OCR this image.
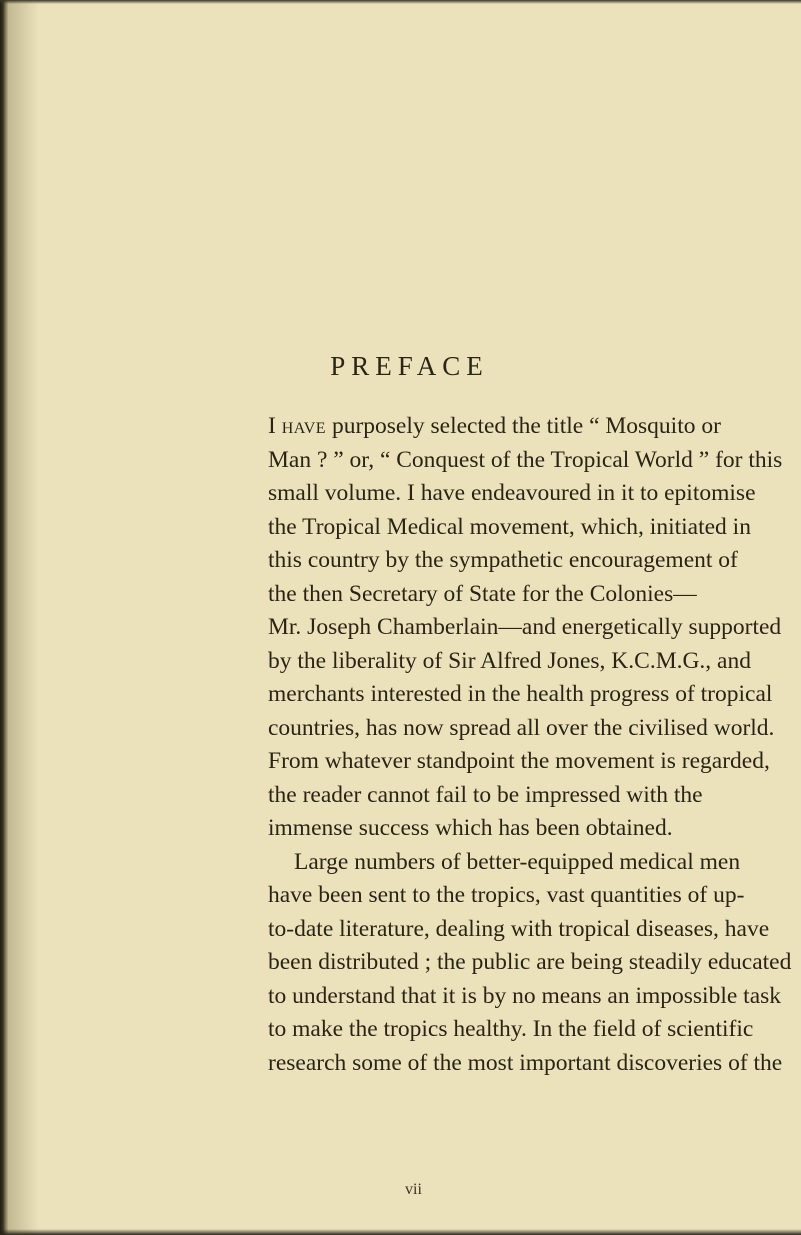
PREFACE
I have purposely selected the title “ Mosquito or
Man ? ” or, “ Conquest of the Tropical World ” for this
small volume. I have endeavoured in it to epitomise
the Tropical Medical movement, which, initiated in
this country by the sympathetic encouragement of
the then Secretary of State for the Colonies—
Mr. Joseph Chamberlain—and energetically supported
by the liberality of Sir Alfred Jones, K.C.M.G., and
merchants interested in the health progress of tropical
countries, has now spread all over the civilised world.
From whatever standpoint the movement is regarded,
the reader cannot fail to be impressed with the
immense success which has been obtained.
Large numbers of better-equipped medical men
have been sent to the tropics, vast quantities of up-
to-date literature, dealing with tropical diseases, have
been distributed ; the public are being steadily educated
to understand that it is by no means an impossible task
to make the tropics healthy. In the field of scientific
research some of the most important discoveries of the
vii
